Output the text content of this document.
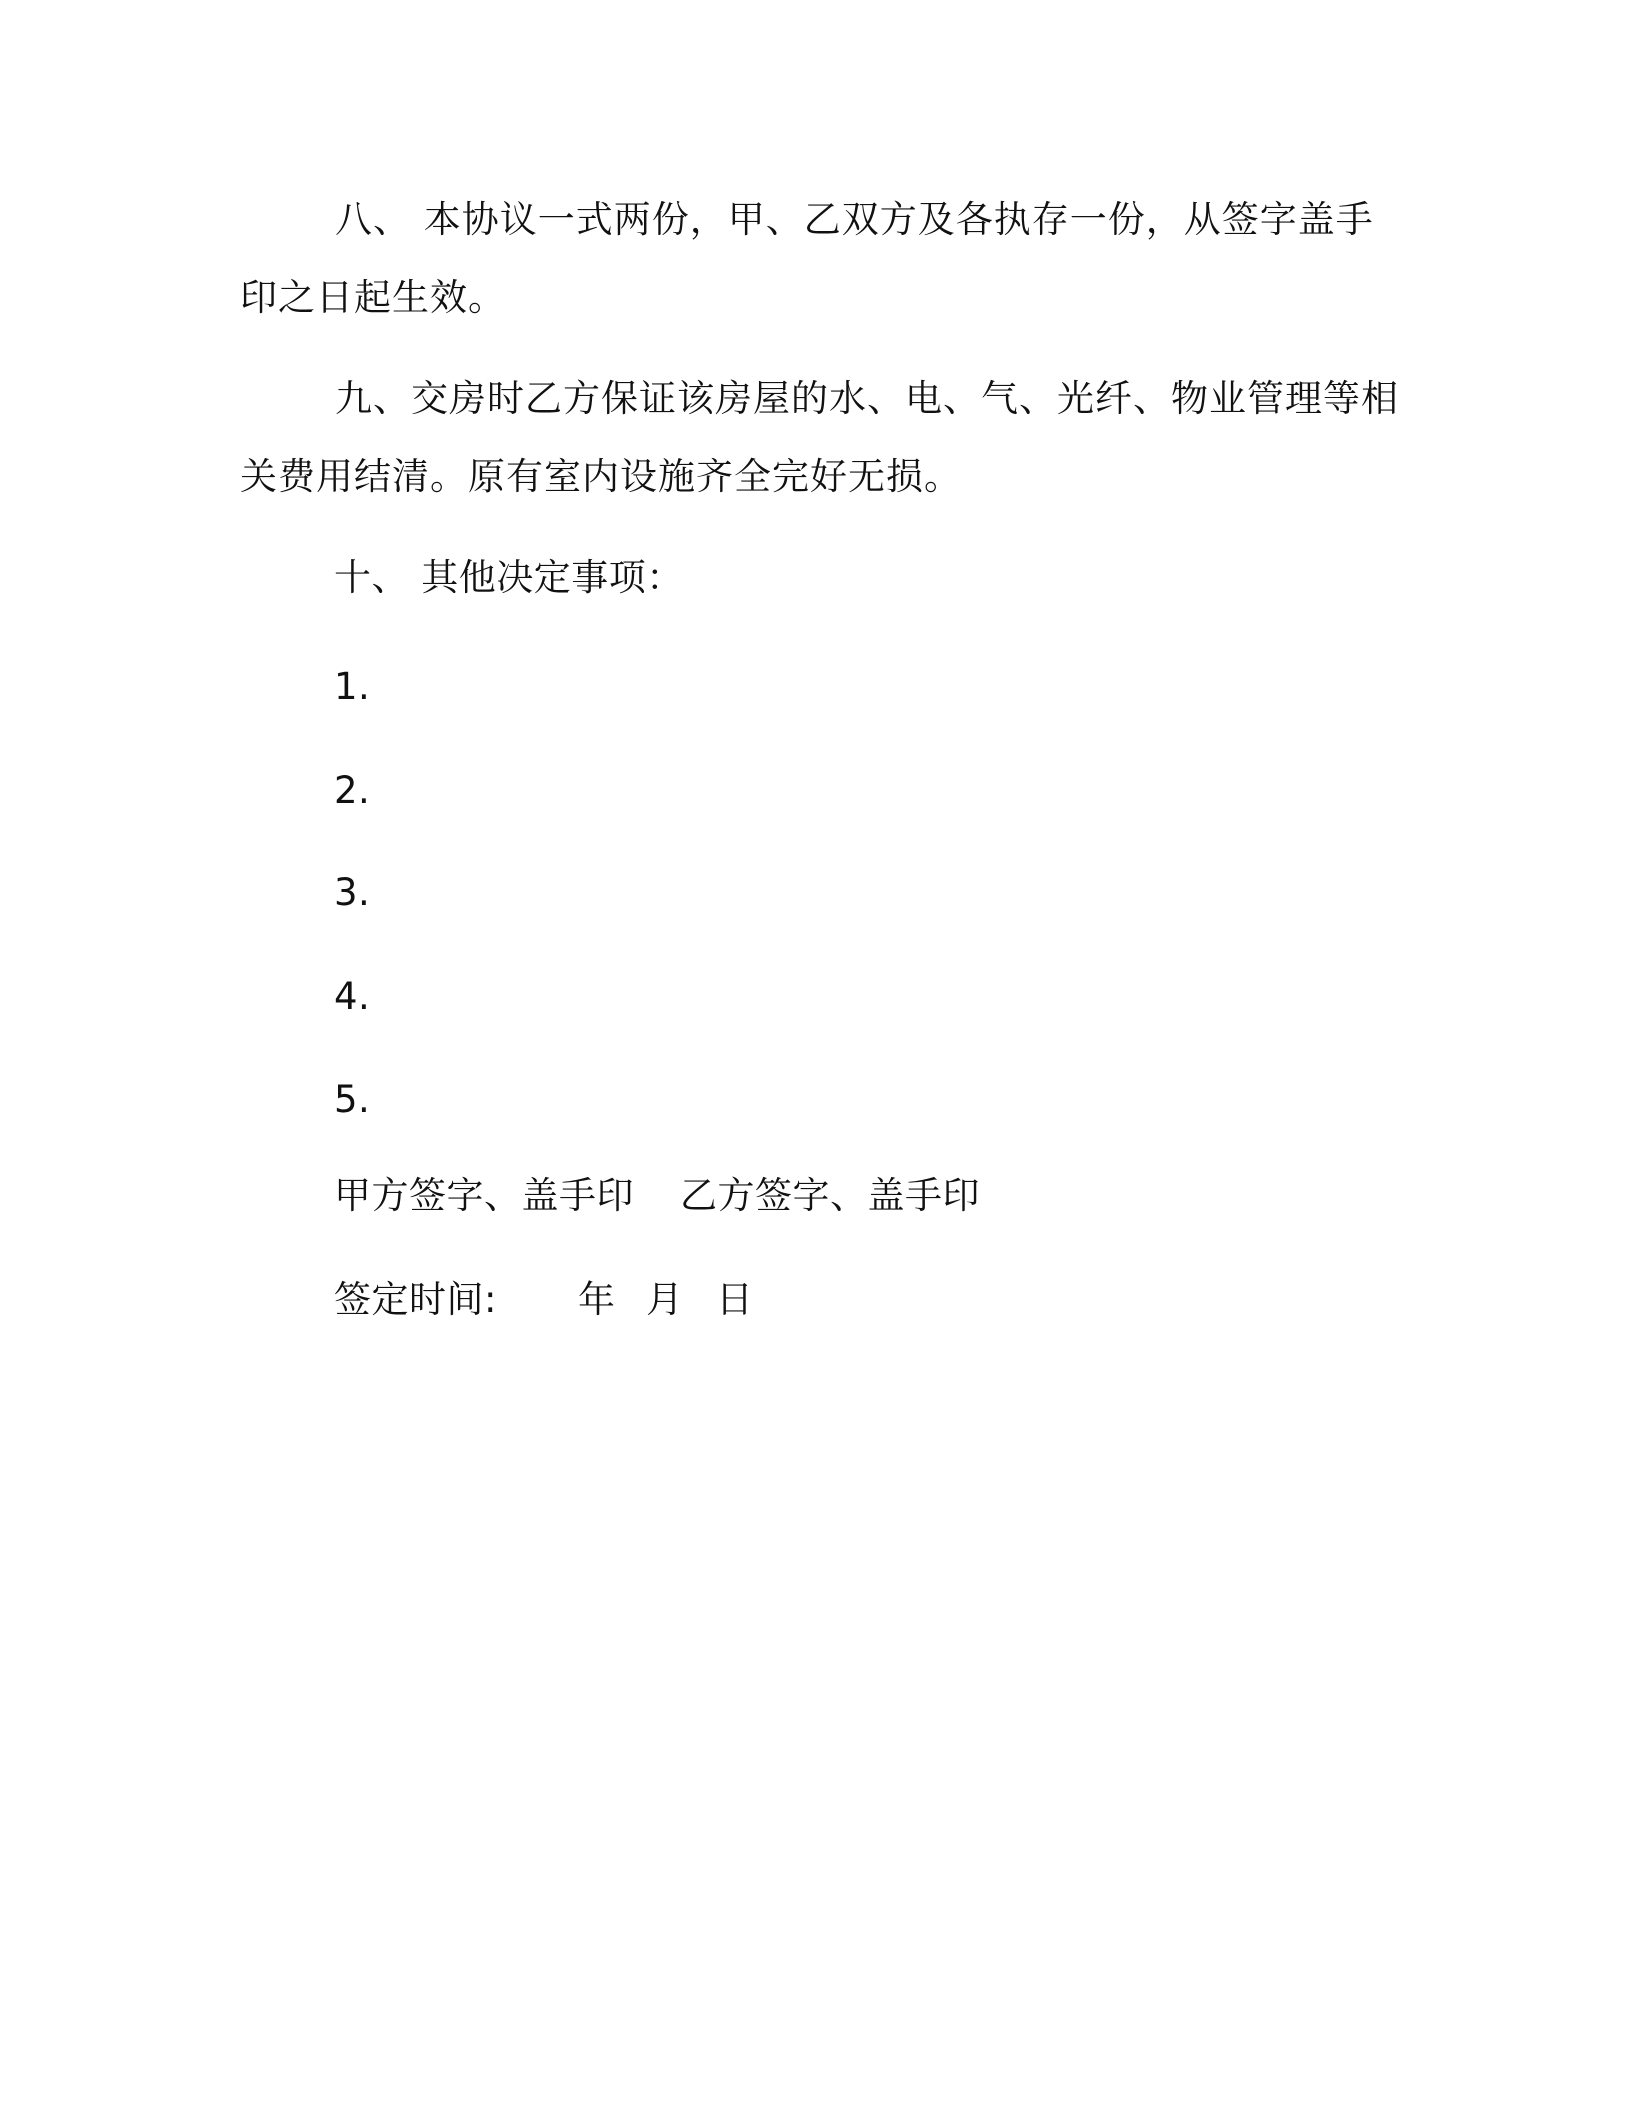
八、 本协议一式两份，甲、乙双方及各执存一份，从签字盖手印之日起生效。
九、交房时乙方保证该房屋的水、电、气、光纤、物业管理等相关费用结清。原有室内设施齐全完好无损。
十、 其他决定事项：
1.
2.
3.
4.
5.
甲方签字、盖手印 乙方签字、盖手印
签定时间: 年 月 日
